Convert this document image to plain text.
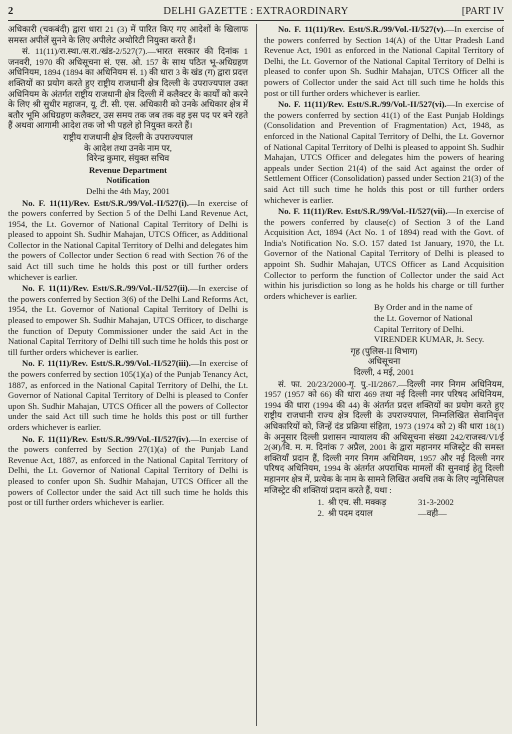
2	DELHI GAZETTE : EXTRAORDINARY	[PART IV

अधिकारी (चकबंदी) द्वारा धारा 21 (3) में पारित किए गए आदेशों के खिलाफ समस्त अपीलें सुनने के लिए अपीलेट अथोरिटी नियुक्त करते हैं।

सं. 11(11)/रा.स्था./स.रा./खंड-2/527(7).—भारत सरकार की दिनांक 1 जनवरी, 1970 की अधिसूचना सं. एस. ओ. 157 के साथ पठित भू-अधिग्रहण अधिनियम, 1894 (1894 का अधिनियम सं. 1) की धारा 3 के खंड (ग) द्वारा प्रदत्त शक्तियों का प्रयोग करते हुए राष्ट्रीय राजधानी क्षेत्र दिल्ली के उपराज्यपाल उक्त अधिनियम के अंतर्गत राष्ट्रीय राजधानी क्षेत्र दिल्ली में कलैक्टर के कार्यों को करने के लिए श्री सुधीर महाजन, यू. टी. सी. एस. अधिकारी को उनके अधिकार क्षेत्र में बतौर भूमि अधिग्रहण कलैक्टर, उस समय तक जब तक वह इस पद पर बने रहते हैं अथवा आगामी आदेश तक जो भी पहले हो नियुक्त करते हैं।

राष्ट्रीय राजधानी क्षेत्र दिल्ली के उपराज्यपाल

के आदेश तथा उनके नाम पर,

विरेन्द्र कुमार, संयुक्त सचिव

Revenue Department

Notification

Delhi the 4th May, 2001

No. F. 11(11)/Rev. Estt/S.R./99/Vol.-II/527(i).—In exercise of the powers conferred by Section 5 of the Delhi Land Revenue Act, 1954, the Lt. Governor of National Capital Territory of Delhi is pleased to appoint Sh. Sudhir Mahajan, UTCS Officer, as Additional Collector in the National Capital Territory of Delhi and delegates him the powers of Collector under Section 6 read with Section 76 of the said Act till such time he holds this post or till further orders whichever is earlier.

No. F. 11(11)/Rev. Estt/S.R./99/Vol.-II/527(ii).—In exercise of the powers conferred by Section 3(6) of the Delhi Land Reforms Act, 1954, the Lt. Governor of National Capital Territory of Delhi is pleased to empower Sh. Sudhir Mahajan, UTCS Officer, to discharge the function of Deputy Commissioner under the said Act in the National Capital Territory of Delhi till such time he holds this post or till further orders whichever is earlier.

No. F. 11(11)/Rev. Estt/S.R./99/Vol.-II/527(iii).—In exercise of the powers conferred by section 105(1)(a) of the Punjab Tenancy Act, 1887, as enforced in the National Capital Territory of Delhi, the Lt. Governor of National Capital Territory of Delhi is pleased to Confer upon Sh. Sudhir Mahajan, UTCS Officer all the powers of Collector under the said Act till such time he holds this post or till further orders whichever is earlier.

No. F. 11(11)/Rev. Estt/S.R./99/Vol.-II/527(iv).—In exercise of the powers conferred by Section 27(1)(a) of the Punjab Land Revenue Act, 1887, as enforced in the National Capital Territory of Delhi, the Lt. Governor of National Capital Territory of Delhi is pleased to confer upon Sh. Sudhir Mahajan, UTCS Officer all the powers of Collector under the said Act till such time he holds this post or till further orders whichever is earlier.

No. F. 11(11)/Rev. Estt/S.R./99/Vol.-II/527(v).—In exercise of the powers conferred by Section 14(A) of the Uttar Pradesh Land Revenue Act, 1901 as enforced in the National Capital Territory of Delhi, the Lt. Governor of the National Capital Territory of Delhi is pleased to confer upon Sh. Sudhir Mahajan, UTCS Officer all the powers of Collector under the said Act till such time he holds this post or till further orders whichever is earlier.

No. F. 11(11)/Rev. Estt/S.R./99/Vol.-II/527(vi).—In exercise of the powers conferred by section 41(1) of the East Punjab Holdings (Consolidation and Prevention of Fragmentation) Act, 1948, as enforced in the National Capital Territory of Delhi, the Lt. Governor of National Capital Territory of Delhi is pleased to appoint Sh. Sudhir Mahajan, UTCS Officer and delegates him the powers of hearing appeals under Section 21(4) of the said Act against the order of Settlement Officer (Consolidation) passed under Section 21(3) of the said Act till such time he holds this post or till further orders whichever is earlier.

No. F. 11(11)/Rev. Estt/S.R./99/Vol.-II/527(vii).—In exercise of the powers conferred by clause(c) of Section 3 of the Land Acquisition Act, 1894 (Act No. 1 of 1894) read with the Govt. of India's Notification No. S.O. 157 dated 1st January, 1970, the Lt. Governor of the National Capital Territory of Delhi is pleased to appoint Sh. Sudhir Mahajan, UTCS Officer as Land Acquisition Collector to perform the function of Collector under the said Act within his jurisdiction so long as he holds his charge or till further orders whichever is earlier.

By Order and in the name of

the Lt. Governor of National

Capital Territory of Delhi.

VIRENDER KUMAR, Jt. Secy.

गृह (पुलिस-II विभाग)

अधिसूचना

दिल्ली, 4 मई, 2001

सं. फा. 20/23/2000-गृ. पु.-II/2867.—दिल्ली नगर निगम अधिनियम, 1957 (1957 को 66) की धारा 469 तथा नई दिल्ली नगर परिषद अधिनियम, 1994 की धारा (1994 की 44) के अंतर्गत प्रदत्त शक्तियों का प्रयोग करते हुए राष्ट्रीय राजधानी राज्य क्षेत्र दिल्ली के उपराज्यपाल, निम्नलिखित सेवानिवृत्त अधिकारियों को, जिन्हें दंड प्रक्रिया संहिता, 1973 (1974 को 2) की धारा 18(1) के अनुसार दिल्ली प्रशासन न्यायालय की अधिसूचना संख्या 242/राजस्व/VI/ई 2(अ)/वि. म. म. दिनांक 7 अप्रैल, 2001 के द्वारा महानगर मजिस्ट्रेट की समस्त शक्तियाँ प्रदान हैं, दिल्ली नगर निगम अधिनियम, 1957 और नई दिल्ली नगर परिषद अधिनियम, 1994 के अंतर्गत अपराधिक मामलों की सुनवाई हेतु दिल्ली महानगर क्षेत्र में, प्रत्येक के नाम के सामने लिखित अवधि तक के लिए न्यूनिसिपल मजिस्ट्रेट की शक्तियां प्रदान करते हैं, यथा :

1. श्री एच. सी. मक्कड़	31-3-2002
2. श्री पदम दयाल	—वही—
